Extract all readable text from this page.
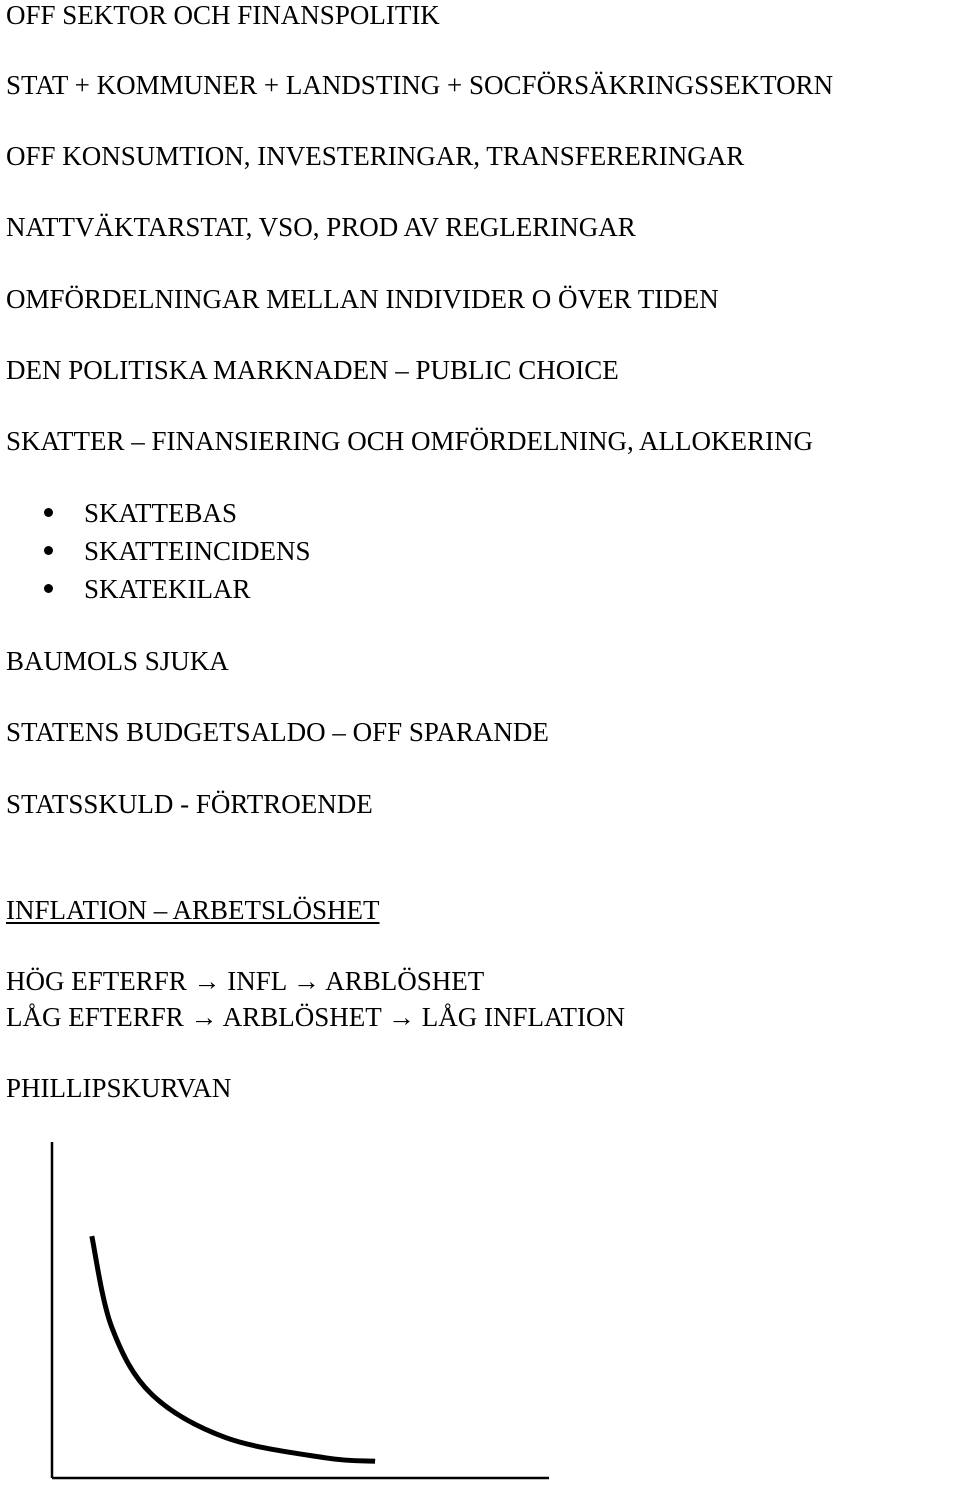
OFF SEKTOR OCH FINANSPOLITIK
STAT + KOMMUNER + LANDSTING + SOCFÖRSÄKRINGSSEKTORN
OFF KONSUMTION, INVESTERINGAR, TRANSFERERINGAR
NATTVÄKTARSTAT, VSO, PROD AV REGLERINGAR
OMFÖRDELNINGAR MELLAN INDIVIDER O ÖVER TIDEN
DEN POLITISKA MARKNADEN – PUBLIC CHOICE
SKATTER – FINANSIERING OCH OMFÖRDELNING, ALLOKERING
SKATTEBAS
SKATTEINCIDENS
SKATEKILAR
BAUMOLS SJUKA
STATENS BUDGETSALDO – OFF SPARANDE
STATSSKULD - FÖRTROENDE
INFLATION – ARBETSLÖSHET
HÖG EFTERFR → INFL → ARBLÖSHET
LÅG EFTERFR → ARBLÖSHET → LÅG INFLATION
PHILLIPSKURVAN
